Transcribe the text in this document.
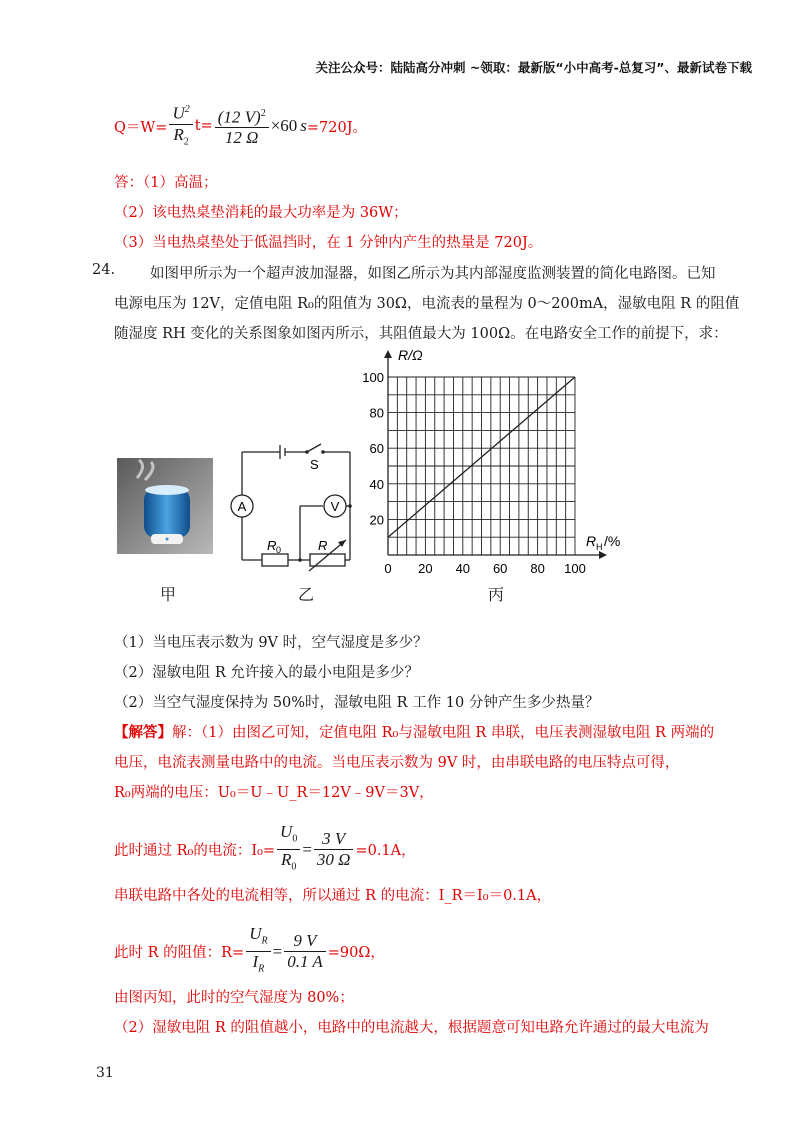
关注公众号：陆陆高分冲刺 ~领取：最新版“小中高考-总复习”、最新试卷下载
$Q=W= \frac{U^2}{R_2} t= \frac{(12 V)^2}{12 \Omega} \times 60$ s =720J。
答：（1）高温；
（2）该电热桌垫消耗的最大功率是为 36W；
（3）当电热桌垫处于低温挡时，在 1 分钟内产生的热量是 720J。
24. 如图甲所示为一个超声波加湿器，如图乙所示为其内部湿度监测装置的简化电路图。已知
电源电压为 12V，定值电阻 R₀的阻值为 30Ω，电流表的量程为 0～200mA，湿敏电阻 R 的阻值
随湿度 RH 变化的关系图象如图丙所示，其阻值最大为 100Ω。在电路安全工作的前提下，求：
甲
A	V
S
R 0	R
乙
0 20 40 60 80 100
20
40
60
80
100
R/Ω
R H /%
丙
（1）当电压表示数为 9V 时，空气湿度是多少？
（2）湿敏电阻 R 允许接入的最小电阻是多少？
（2）当空气湿度保持为 50%时，湿敏电阻 R 工作 10 分钟产生多少热量？
【解答】解：（1）由图乙可知，定值电阻 R₀与湿敏电阻 R 串联，电压表测湿敏电阻 R 两端的
电压，电流表测量电路中的电流。当电压表示数为 9V 时，由串联电路的电压特点可得，
R₀两端的电压：U₀＝U﹣U_R＝12V﹣9V＝3V，
此时通过 R₀的电流：$I_0= \frac{U_0}{R_0} = \frac{3 V}{30 \Omega} =0.1A$，
串联电路中各处的电流相等，所以通过 R 的电流：I_R＝I₀＝0.1A，
此时 R 的阻值：$R= \frac{U_R}{I_R} = \frac{9 V}{0.1 A} =90\Omega$，
由图丙知，此时的空气湿度为 80%；
（2）湿敏电阻 R 的阻值越小，电路中的电流越大，根据题意可知电路允许通过的最大电流为
31
